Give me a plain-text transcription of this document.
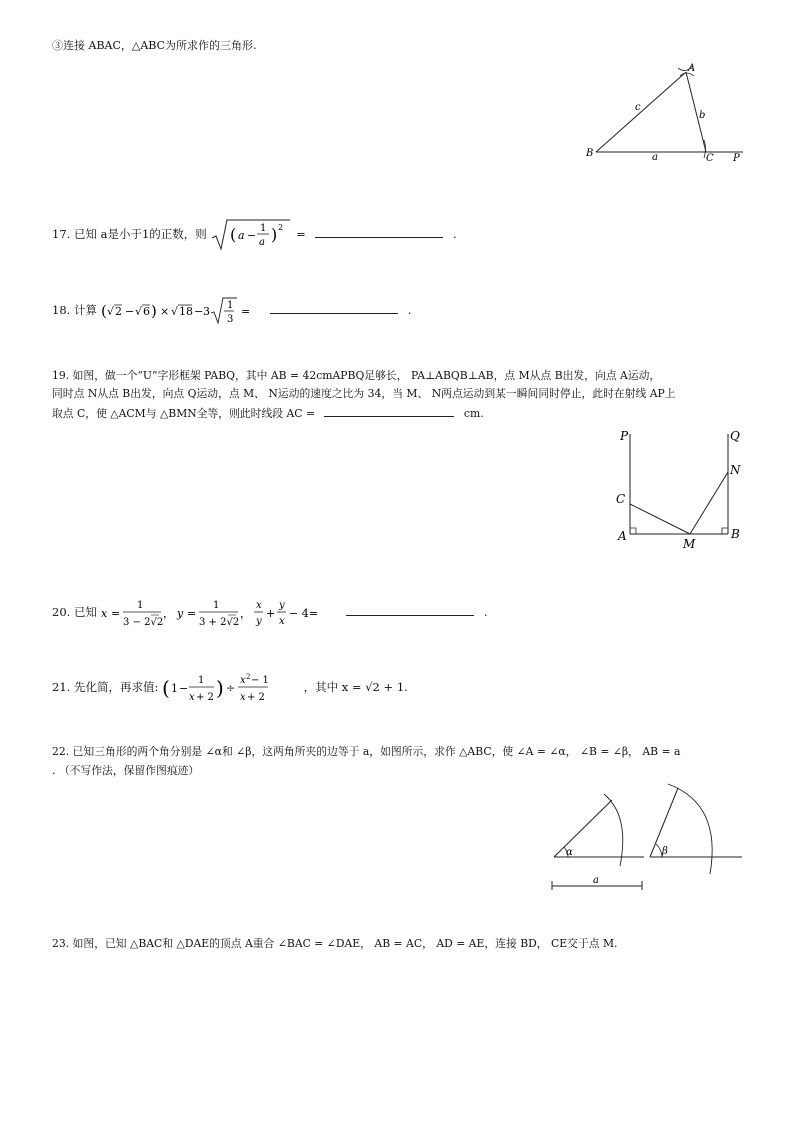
③连接 ABAC，△ABC为所求作的三角形.
A
B	C P
a
b
c
17. 已知 a是小于1的正数，则 ( a −
1
a ) 2 =	.
18. 计算 ( √ 2 − √ 6 ) × √ 18 − 3 1
3
=	.
19. 如图，做一个“U”字形框架 PABQ，其中 AB = 42cmAPBQ足够长， PA⊥ABQB⊥AB，点 M从点 B出发，向点 A运动，
同时点 N从点 B出发，向点 Q运动，点 M、 N运动的速度之比为 34，当 M、 N两点运动到某一瞬间同时停止，此时在射线 AP上
取点 C，使 △ACM与 △BMN全等，则此时线段 AC =	cm.
P	Q
N
C
A
M
B
20. 已知 x =
1
3 − 2√2
， y =
1
3 + 2√2
，
x
y
+
y
x
− 4=	.
21. 先化简，再求值: ( 1 −
1
x + 2 ) ÷
x 2 − 1
x + 2
，其中 x = √2 + 1.
22. 已知三角形的两个角分别是 ∠α和 ∠β，这两角所夹的边等于 a，如图所示，求作 △ABC，使 ∠A = ∠α， ∠B = ∠β， AB = a
. （不写作法，保留作图痕迹）
α	β
a
23. 如图，已知 △BAC和 △DAE的顶点 A重合 ∠BAC = ∠DAE， AB = AC， AD = AE，连接 BD， CE交于点 M.
